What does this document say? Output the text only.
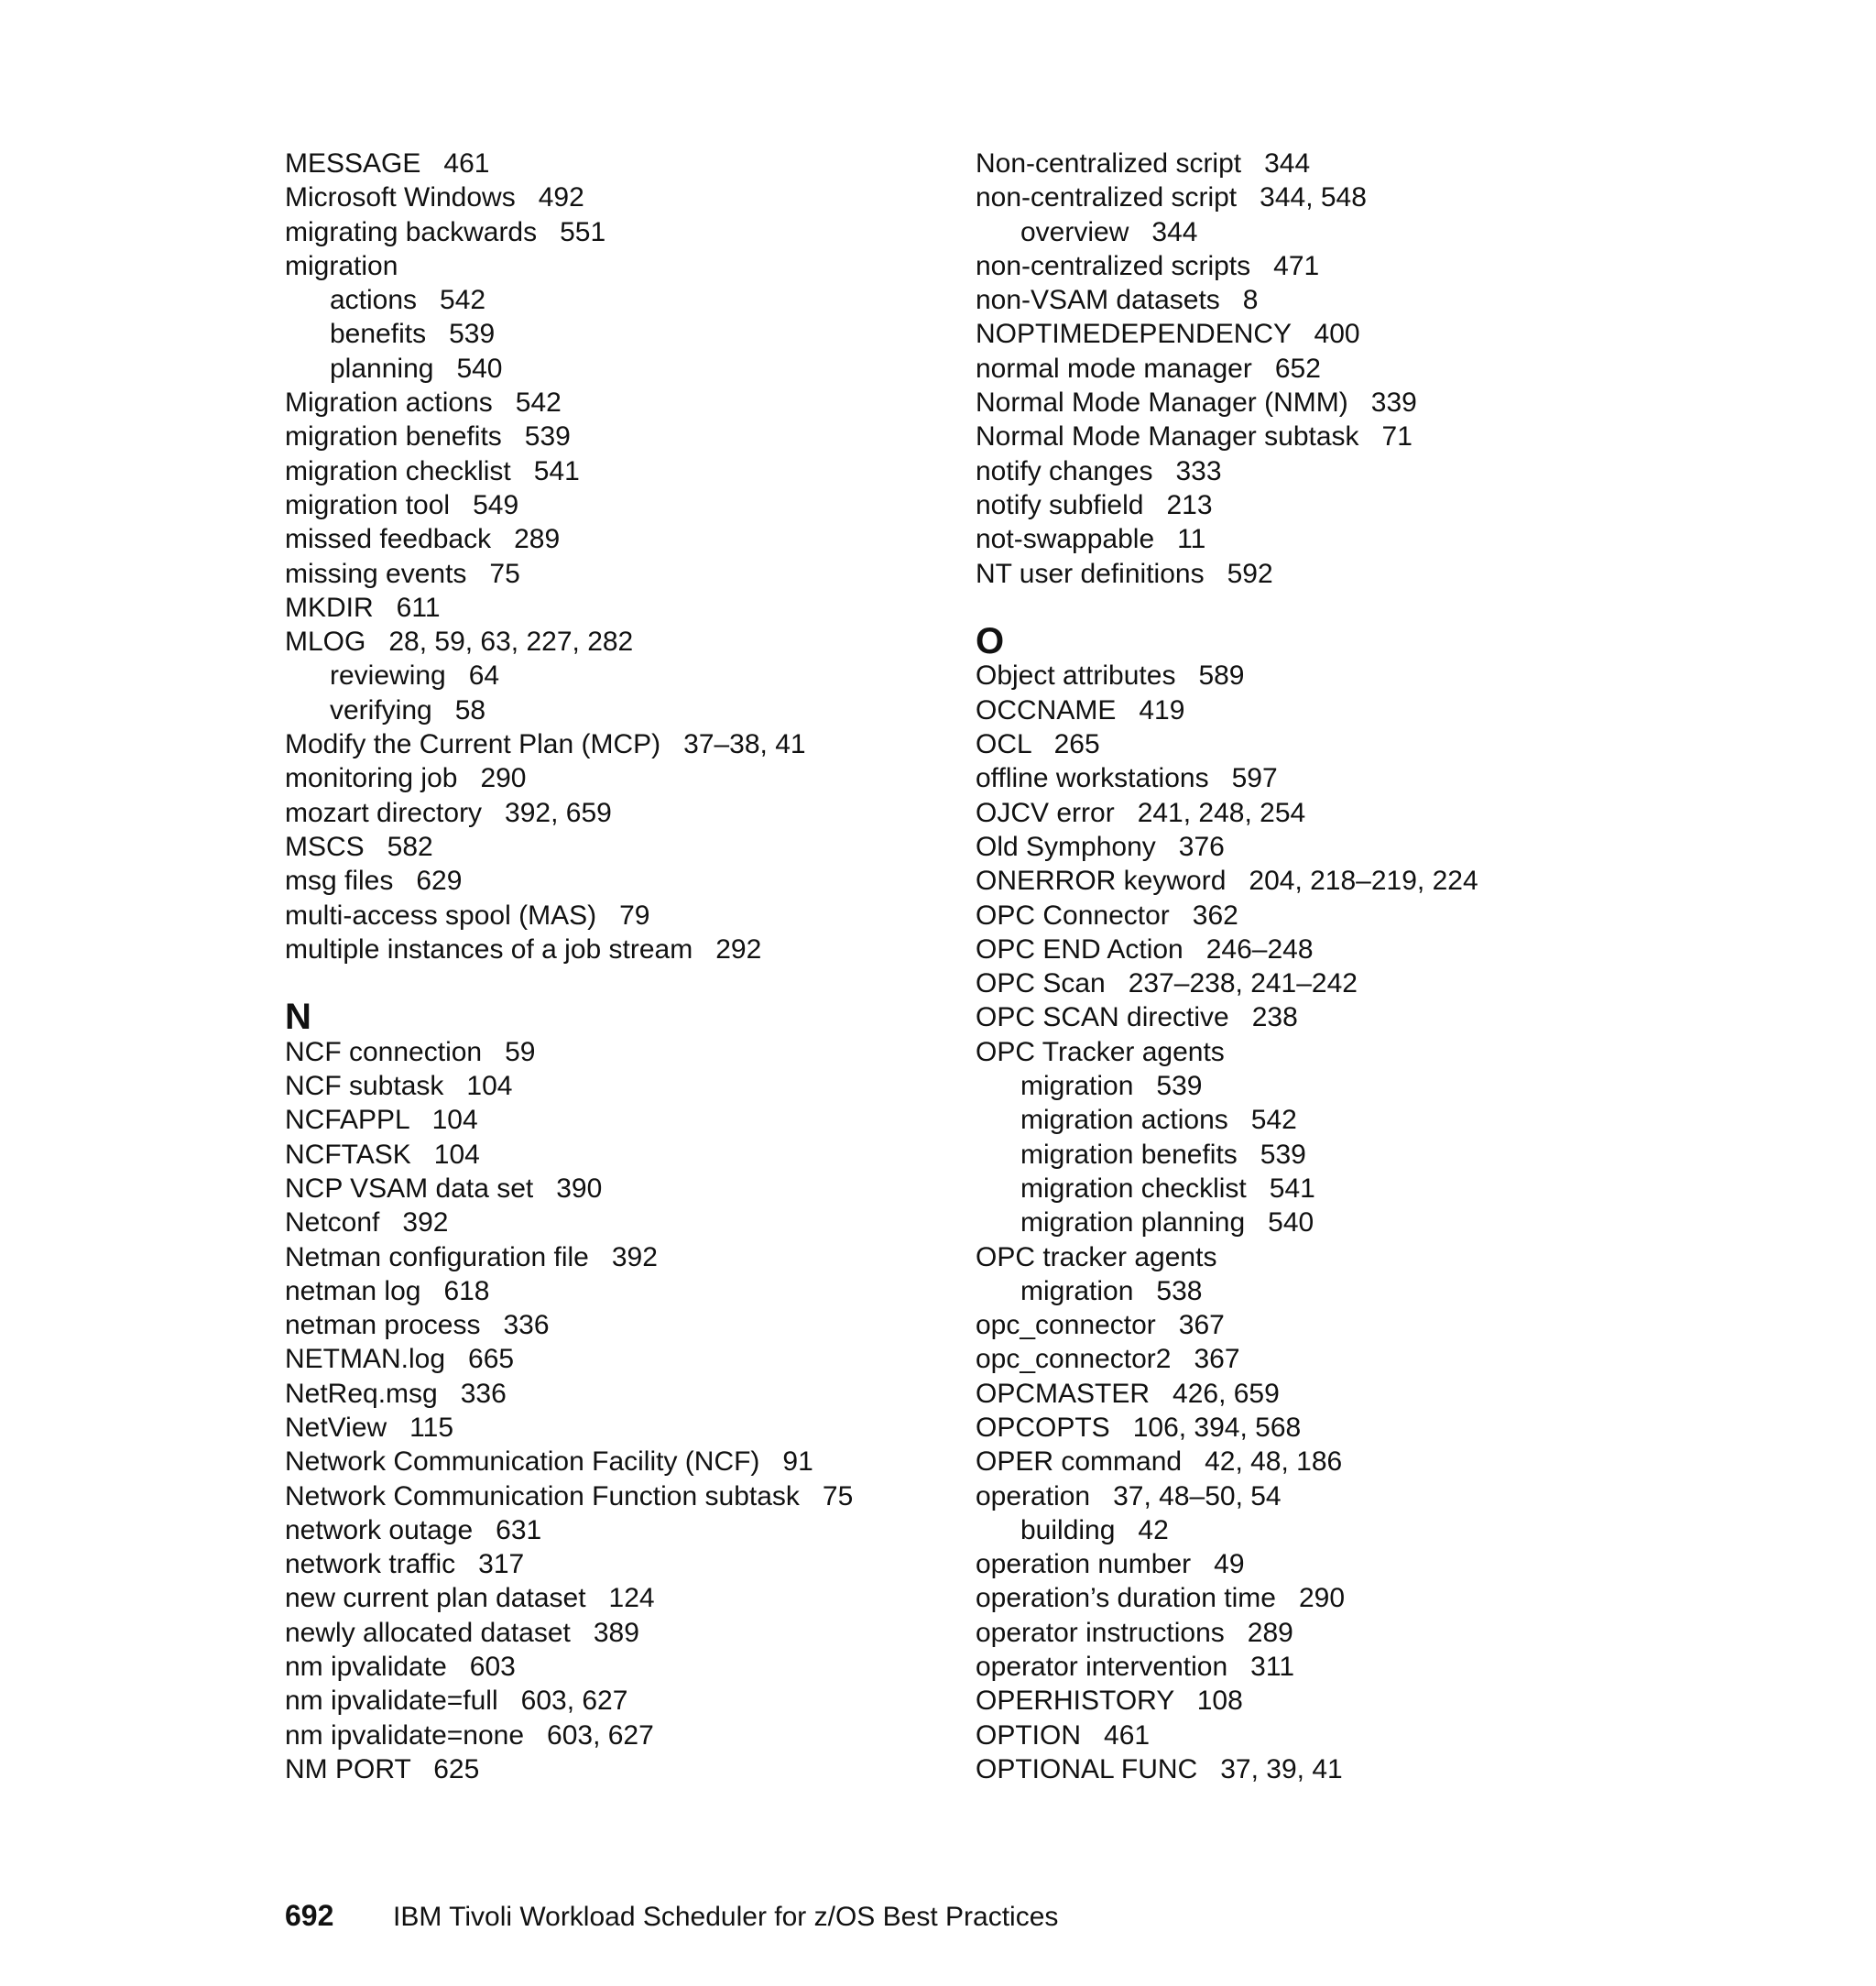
MESSAGE   461
Microsoft Windows   492
migrating backwards   551
migration
actions   542
benefits   539
planning   540
Migration actions   542
migration benefits   539
migration checklist   541
migration tool   549
missed feedback   289
missing events   75
MKDIR   611
MLOG   28, 59, 63, 227, 282
reviewing   64
verifying   58
Modify the Current Plan (MCP)   37–38, 41
monitoring job   290
mozart directory   392, 659
MSCS   582
msg files   629
multi-access spool (MAS)   79
multiple instances of a job stream   292
N
NCF connection   59
NCF subtask   104
NCFAPPL   104
NCFTASK   104
NCP VSAM data set   390
Netconf   392
Netman configuration file   392
netman log   618
netman process   336
NETMAN.log   665
NetReq.msg   336
NetView   115
Network Communication Facility (NCF)   91
Network Communication Function subtask   75
network outage   631
network traffic   317
new current plan dataset   124
newly allocated dataset   389
nm ipvalidate   603
nm ipvalidate=full   603, 627
nm ipvalidate=none   603, 627
NM PORT   625
Non-centralized script   344
non-centralized script   344, 548
overview   344
non-centralized scripts   471
non-VSAM datasets   8
NOPTIMEDEPENDENCY   400
normal mode manager   652
Normal Mode Manager (NMM)   339
Normal Mode Manager subtask   71
notify changes   333
notify subfield   213
not-swappable   11
NT user definitions   592
O
Object attributes   589
OCCNAME   419
OCL   265
offline workstations   597
OJCV error   241, 248, 254
Old Symphony   376
ONERROR keyword   204, 218–219, 224
OPC Connector   362
OPC END Action   246–248
OPC Scan   237–238, 241–242
OPC SCAN directive   238
OPC Tracker agents
migration   539
migration actions   542
migration benefits   539
migration checklist   541
migration planning   540
OPC tracker agents
migration   538
opc_connector   367
opc_connector2   367
OPCMASTER   426, 659
OPCOPTS   106, 394, 568
OPER command   42, 48, 186
operation   37, 48–50, 54
building   42
operation number   49
operation’s duration time   290
operator instructions   289
operator intervention   311
OPERHISTORY   108
OPTION   461
OPTIONAL FUNC   37, 39, 41
692 IBM Tivoli Workload Scheduler for z/OS Best Practices
